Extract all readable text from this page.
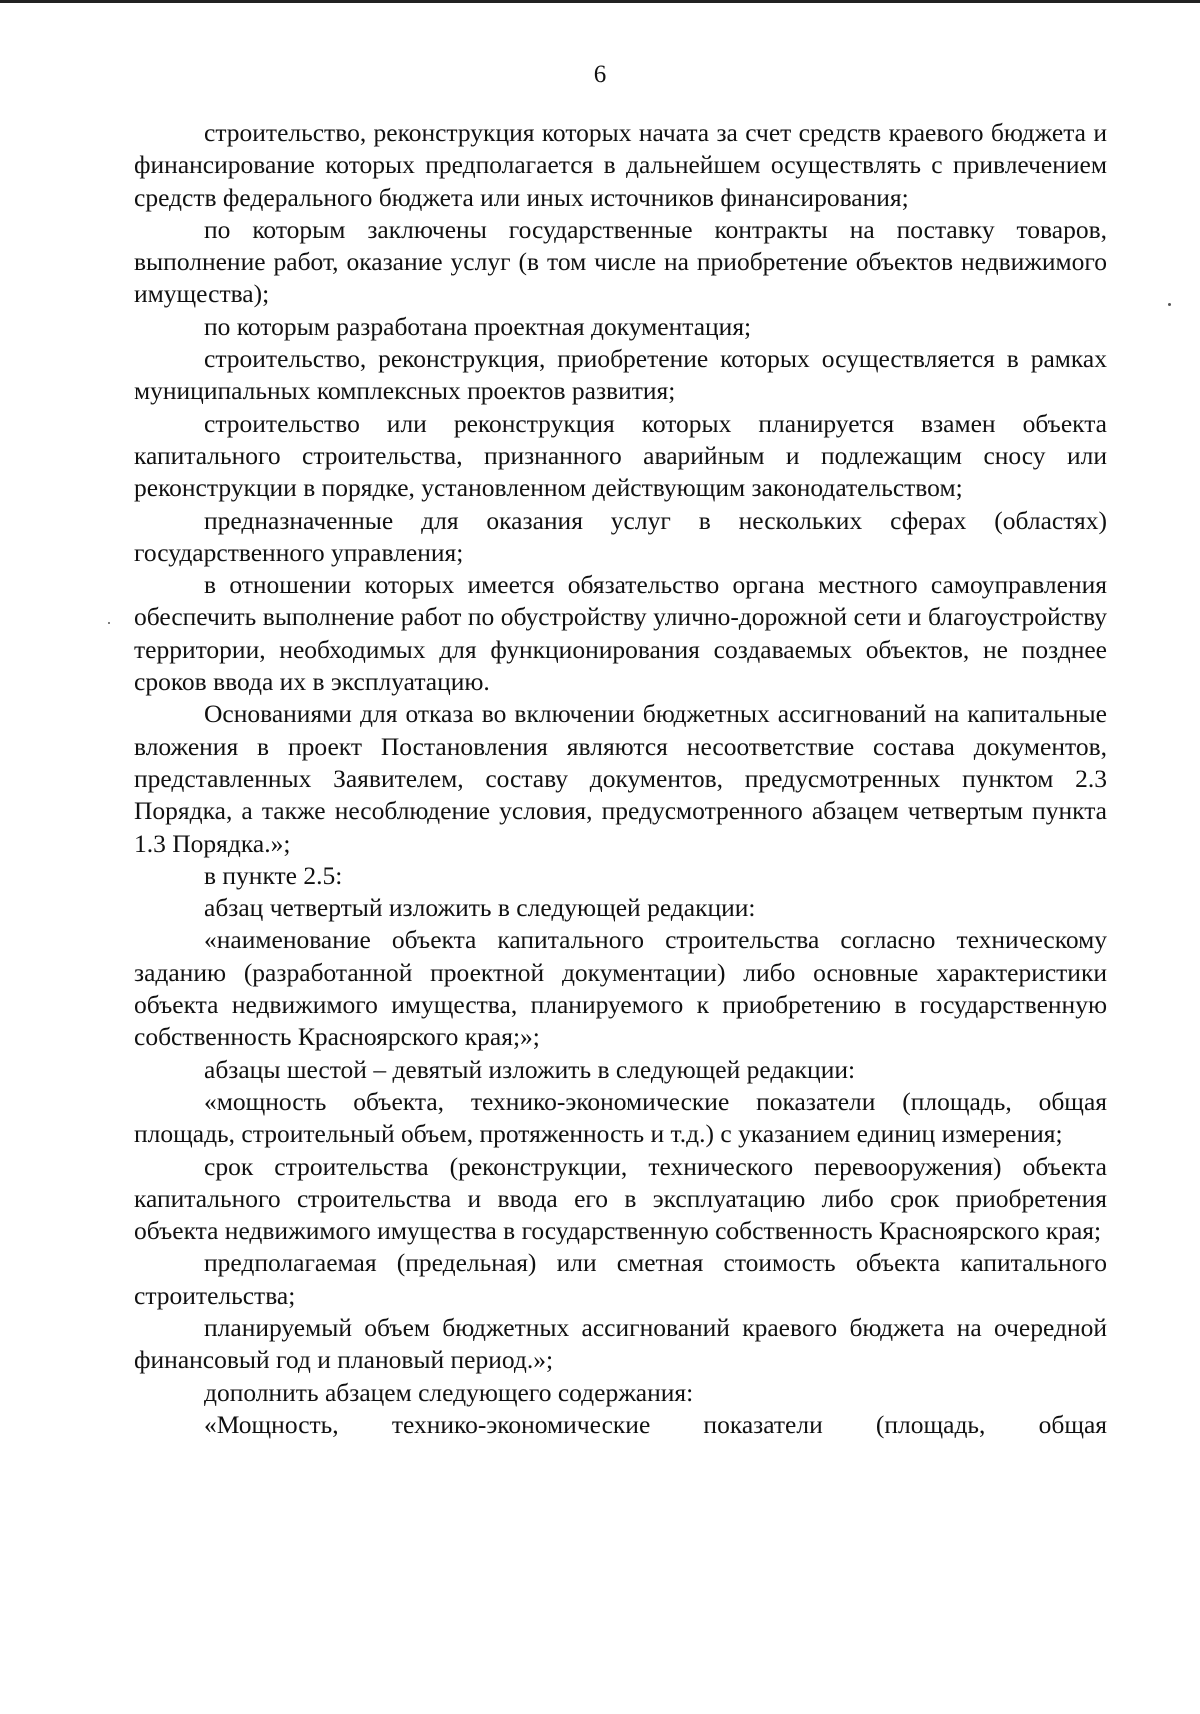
6

строительство, реконструкция которых начата за счет средств краевого бюджета и финансирование которых предполагается в дальнейшем осуществлять с привлечением средств федерального бюджета или иных источников финансирования;

по которым заключены государственные контракты на поставку товаров, выполнение работ, оказание услуг (в том числе на приобретение объектов недвижимого имущества);

по которым разработана проектная документация;

строительство, реконструкция, приобретение которых осуществляется в рамках муниципальных комплексных проектов развития;

строительство или реконструкция которых планируется взамен объекта капитального строительства, признанного аварийным и подлежащим сносу или реконструкции в порядке, установленном действующим законодательством;

предназначенные для оказания услуг в нескольких сферах (областях) государственного управления;

в отношении которых имеется обязательство органа местного самоуправления обеспечить выполнение работ по обустройству улично-дорожной сети и благоустройству территории, необходимых для функционирования создаваемых объектов, не позднее сроков ввода их в эксплуатацию.

Основаниями для отказа во включении бюджетных ассигнований на капитальные вложения в проект Постановления являются несоответствие состава документов, представленных Заявителем, составу документов, предусмотренных пунктом 2.3 Порядка, а также несоблюдение условия, предусмотренного абзацем четвертым пункта 1.3 Порядка.»;

в пункте 2.5:

абзац четвертый изложить в следующей редакции:

«наименование объекта капитального строительства согласно техническому заданию (разработанной проектной документации) либо основные характеристики объекта недвижимого имущества, планируемого к приобретению в государственную собственность Красноярского края;»;

абзацы шестой – девятый изложить в следующей редакции:

«мощность объекта, технико-экономические показатели (площадь, общая площадь, строительный объем, протяженность и т.д.) с указанием единиц измерения;

срок строительства (реконструкции, технического перевооружения) объекта капитального строительства и ввода его в эксплуатацию либо срок приобретения объекта недвижимого имущества в государственную собственность Красноярского края;

предполагаемая (предельная) или сметная стоимость объекта капитального строительства;

планируемый объем бюджетных ассигнований краевого бюджета на очередной финансовый год и плановый период.»;

дополнить абзацем следующего содержания:

«Мощность, технико-экономические показатели (площадь, общая
